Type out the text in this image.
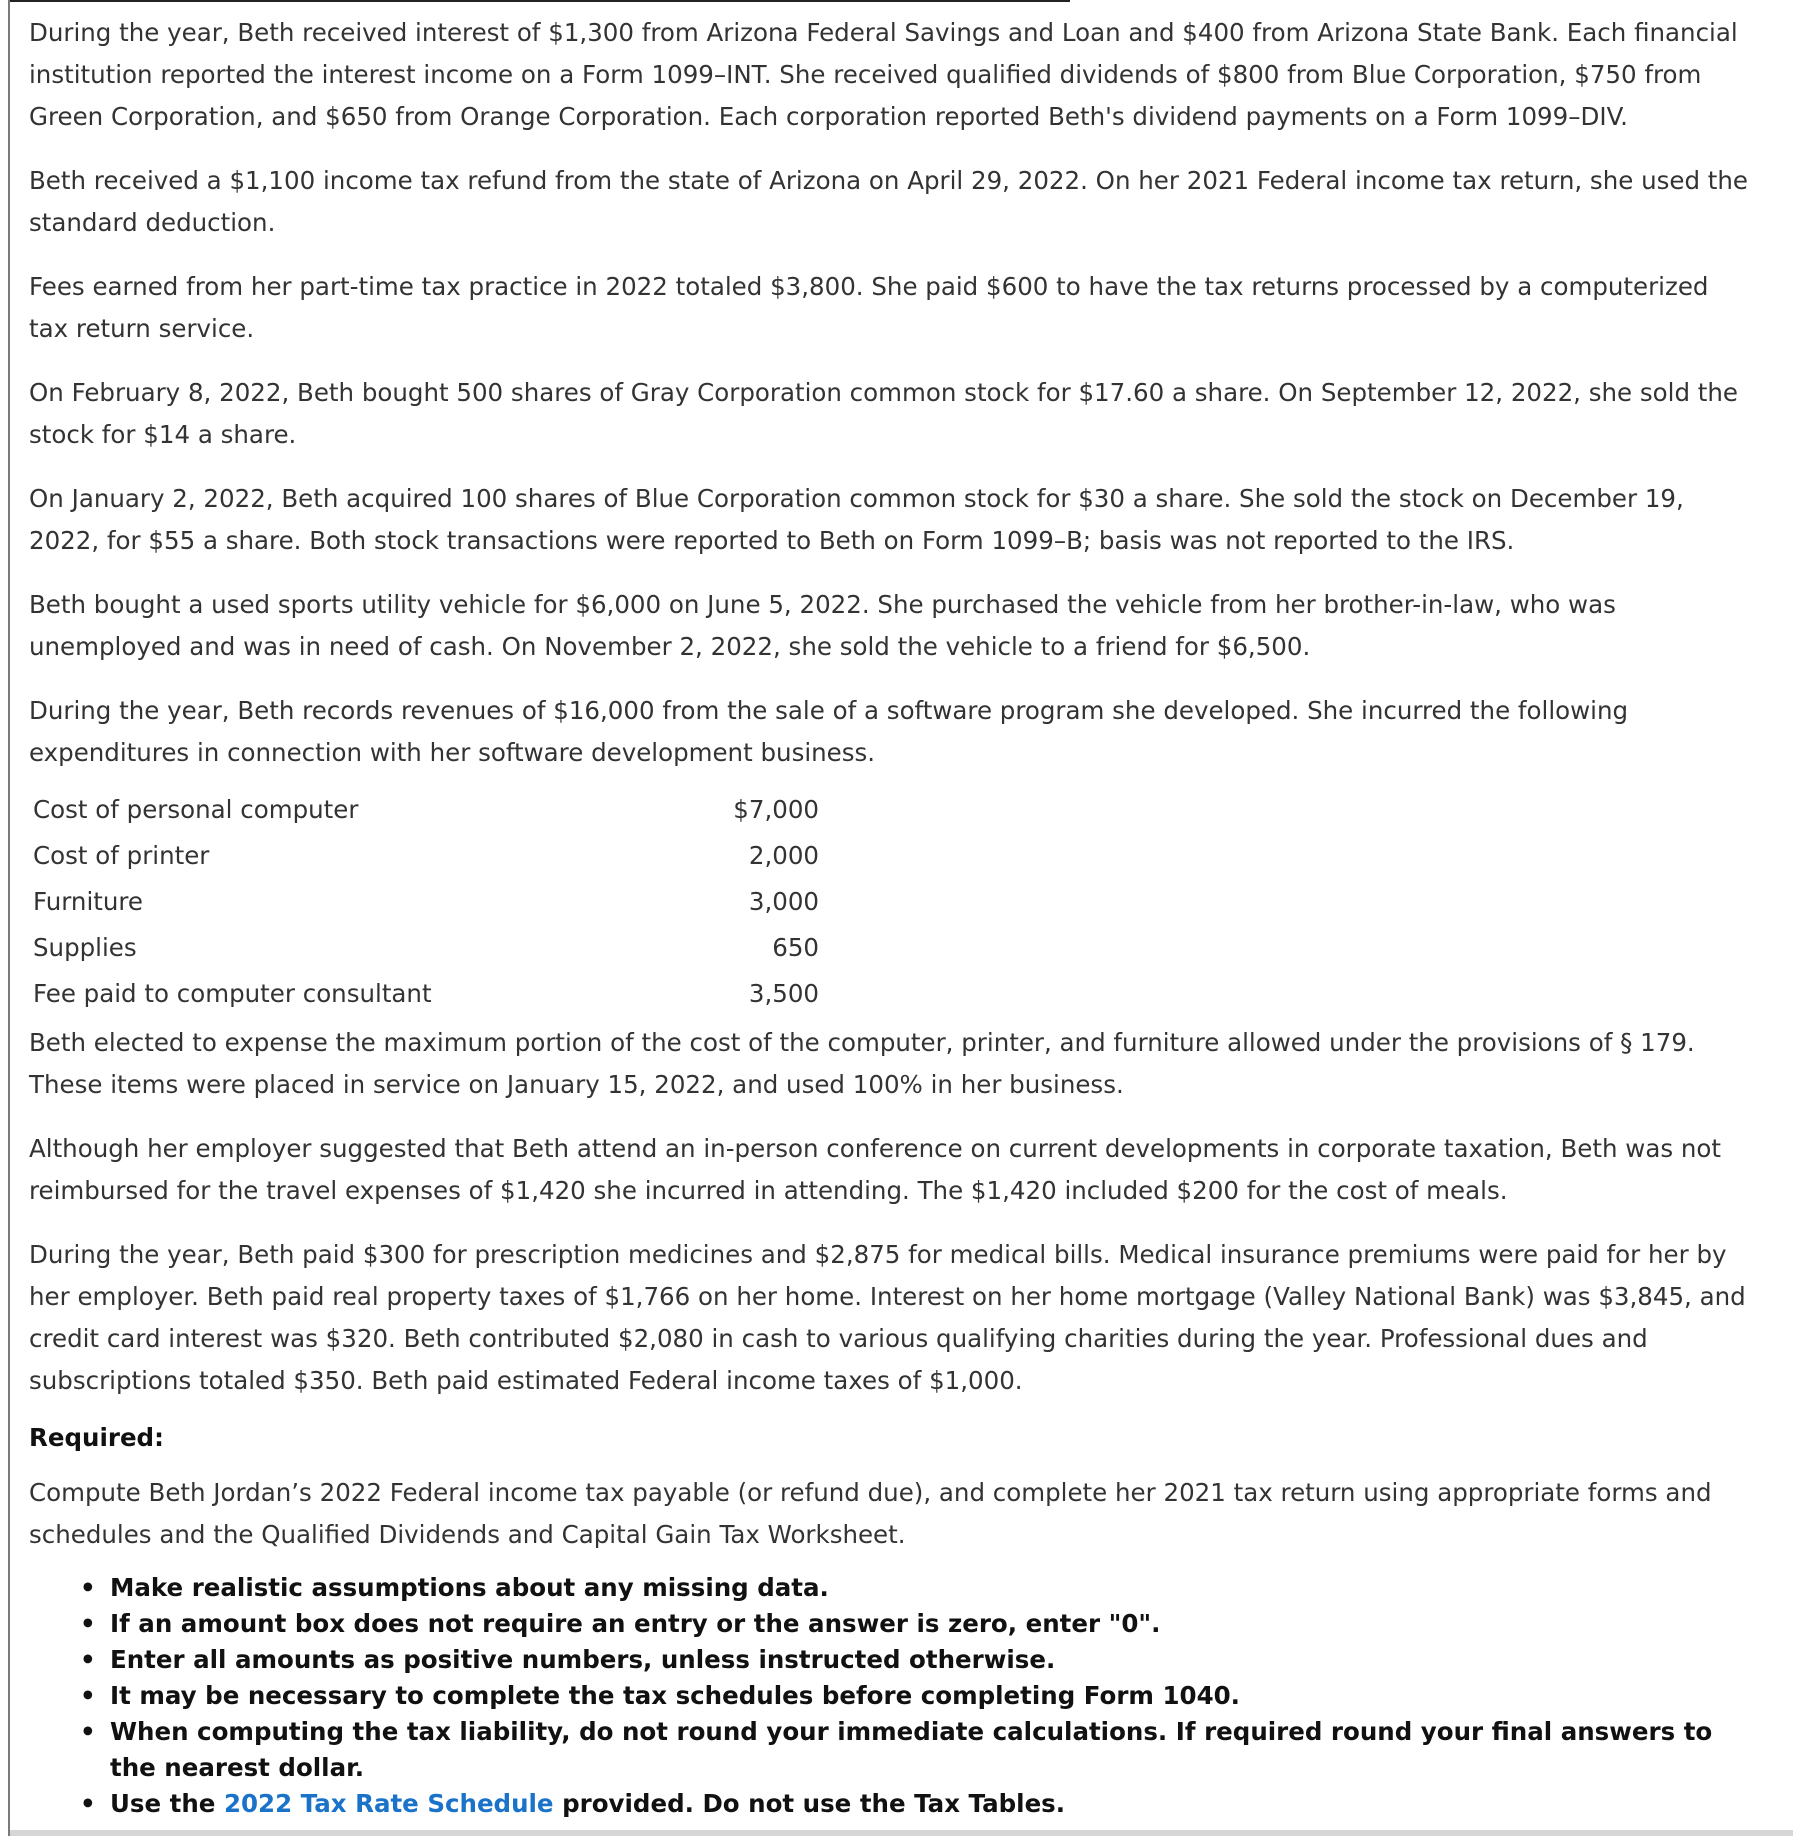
During the year, Beth received interest of $1,300 from Arizona Federal Savings and Loan and $400 from Arizona State Bank. Each financial institution reported the interest income on a Form 1099–INT. She received qualified dividends of $800 from Blue Corporation, $750 from Green Corporation, and $650 from Orange Corporation. Each corporation reported Beth's dividend payments on a Form 1099–DIV.

Beth received a $1,100 income tax refund from the state of Arizona on April 29, 2022. On her 2021 Federal income tax return, she used the standard deduction.

Fees earned from her part-time tax practice in 2022 totaled $3,800. She paid $600 to have the tax returns processed by a computerized tax return service.

On February 8, 2022, Beth bought 500 shares of Gray Corporation common stock for $17.60 a share. On September 12, 2022, she sold the stock for $14 a share.

On January 2, 2022, Beth acquired 100 shares of Blue Corporation common stock for $30 a share. She sold the stock on December 19, 2022, for $55 a share. Both stock transactions were reported to Beth on Form 1099–B; basis was not reported to the IRS.

Beth bought a used sports utility vehicle for $6,000 on June 5, 2022. She purchased the vehicle from her brother-in-law, who was unemployed and was in need of cash. On November 2, 2022, she sold the vehicle to a friend for $6,500.

During the year, Beth records revenues of $16,000 from the sale of a software program she developed. She incurred the following expenditures in connection with her software development business.

Cost of personal computer	$7,000
Cost of printer	2,000
Furniture	3,000
Supplies	650
Fee paid to computer consultant	3,500

Beth elected to expense the maximum portion of the cost of the computer, printer, and furniture allowed under the provisions of § 179. These items were placed in service on January 15, 2022, and used 100% in her business.

Although her employer suggested that Beth attend an in-person conference on current developments in corporate taxation, Beth was not reimbursed for the travel expenses of $1,420 she incurred in attending. The $1,420 included $200 for the cost of meals.

During the year, Beth paid $300 for prescription medicines and $2,875 for medical bills. Medical insurance premiums were paid for her by her employer. Beth paid real property taxes of $1,766 on her home. Interest on her home mortgage (Valley National Bank) was $3,845, and credit card interest was $320. Beth contributed $2,080 in cash to various qualifying charities during the year. Professional dues and subscriptions totaled $350. Beth paid estimated Federal income taxes of $1,000.

Required:

Compute Beth Jordan’s 2022 Federal income tax payable (or refund due), and complete her 2021 tax return using appropriate forms and schedules and the Qualified Dividends and Capital Gain Tax Worksheet.

• Make realistic assumptions about any missing data.
• If an amount box does not require an entry or the answer is zero, enter "0".
• Enter all amounts as positive numbers, unless instructed otherwise.
• It may be necessary to complete the tax schedules before completing Form 1040.
• When computing the tax liability, do not round your immediate calculations. If required round your final answers to the nearest dollar.
• Use the 2022 Tax Rate Schedule provided. Do not use the Tax Tables.
